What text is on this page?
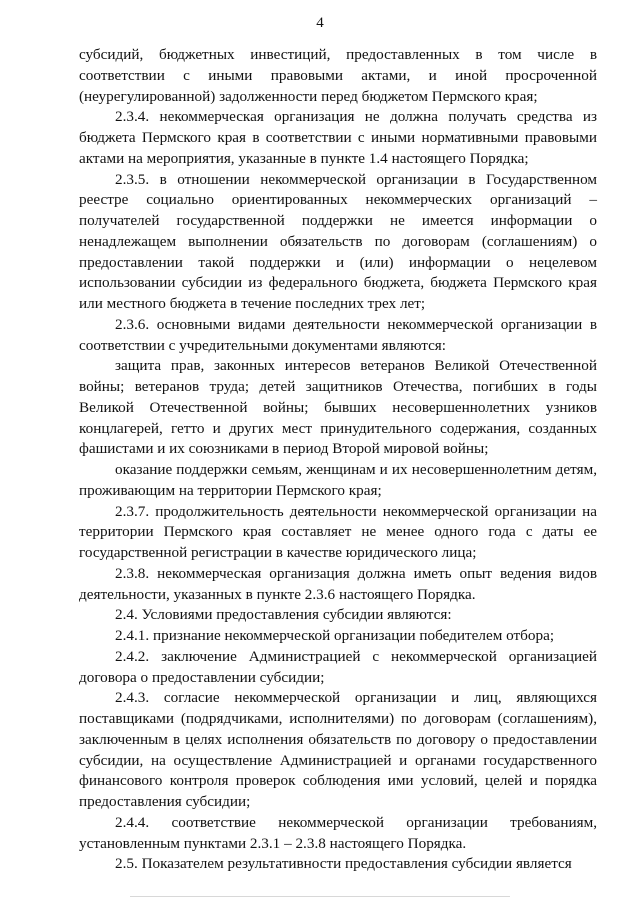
4

субсидий, бюджетных инвестиций, предоставленных в том числе в соответствии с иными правовыми актами, и иной просроченной (неурегулированной) задолженности перед бюджетом Пермского края;

2.3.4. некоммерческая организация не должна получать средства из бюджета Пермского края в соответствии с иными нормативными правовыми актами на мероприятия, указанные в пункте 1.4 настоящего Порядка;

2.3.5. в отношении некоммерческой организации в Государственном реестре социально ориентированных некоммерческих организаций – получателей государственной поддержки не имеется информации о ненадлежащем выполнении обязательств по договорам (соглашениям) о предоставлении такой поддержки и (или) информации о нецелевом использовании субсидии из федерального бюджета, бюджета Пермского края или местного бюджета в течение последних трех лет;

2.3.6. основными видами деятельности некоммерческой организации в соответствии с учредительными документами являются:

защита прав, законных интересов ветеранов Великой Отечественной войны; ветеранов труда; детей защитников Отечества, погибших в годы Великой Отечественной войны; бывших несовершеннолетних узников концлагерей, гетто и других мест принудительного содержания, созданных фашистами и их союзниками в период Второй мировой войны;

оказание поддержки семьям, женщинам и их несовершеннолетним детям, проживающим на территории Пермского края;

2.3.7. продолжительность деятельности некоммерческой организации на территории Пермского края составляет не менее одного года с даты ее государственной регистрации в качестве юридического лица;

2.3.8. некоммерческая организация должна иметь опыт ведения видов деятельности, указанных в пункте 2.3.6 настоящего Порядка.

2.4. Условиями предоставления субсидии являются:

2.4.1. признание некоммерческой организации победителем отбора;

2.4.2. заключение Администрацией с некоммерческой организацией договора о предоставлении субсидии;

2.4.3. согласие некоммерческой организации и лиц, являющихся поставщиками (подрядчиками, исполнителями) по договорам (соглашениям), заключенным в целях исполнения обязательств по договору о предоставлении субсидии, на осуществление Администрацией и органами государственного финансового контроля проверок соблюдения ими условий, целей и порядка предоставления субсидии;

2.4.4. соответствие некоммерческой организации требованиям, установленным пунктами 2.3.1 – 2.3.8 настоящего Порядка.

2.5. Показателем результативности предоставления субсидии является
